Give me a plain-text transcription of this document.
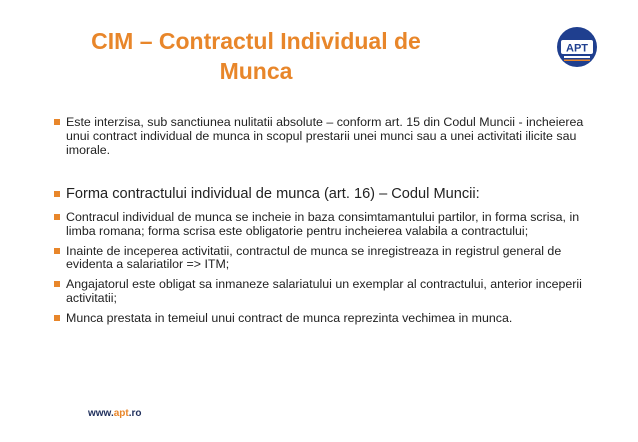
CIM – Contractul Individual de
Munca
APT
Este interzisa, sub sanctiunea nulitatii absolute – conform art. 15 din Codul Muncii - incheierea unui contract individual de munca in scopul prestarii unei munci sau a unei activitati ilicite sau imorale.
Forma contractului individual de munca (art. 16) – Codul Muncii:
Contracul individual de munca se incheie in baza consimtamantului partilor, in forma scrisa, in limba romana; forma scrisa este obligatorie pentru incheierea valabila a contractului;
Inainte de inceperea activitatii, contractul de munca se inregistreaza in registrul general de evidenta a salariatilor => ITM;
Angajatorul este obligat sa inmaneze salariatului un exemplar al contractului, anterior inceperii activitatii;
Munca prestata in temeiul unui contract de munca reprezinta vechimea in munca.
www.apt.ro
